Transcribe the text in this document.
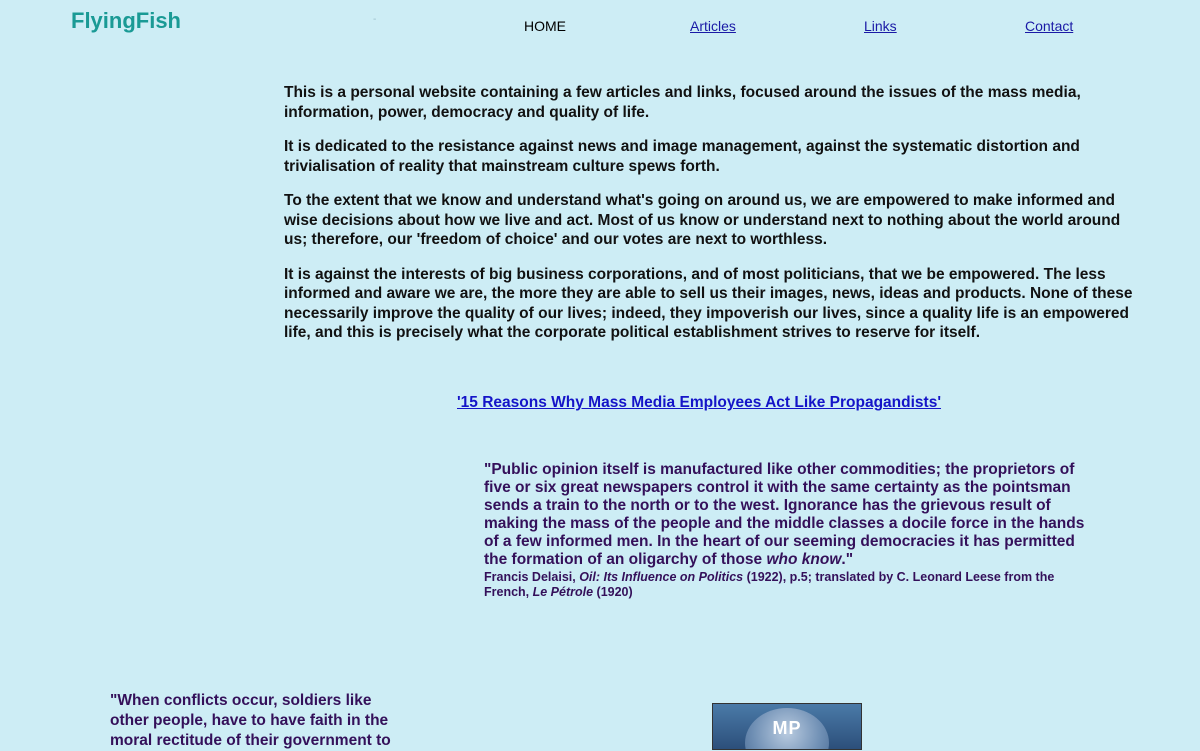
FlyingFish	-	HOME	Articles	Links	Contact

This is a personal website containing a few articles and links, focused around the issues of the mass media, information, power, democracy and quality of life.

It is dedicated to the resistance against news and image management, against the systematic distortion and trivialisation of reality that mainstream culture spews forth.

To the extent that we know and understand what's going on around us, we are empowered to make informed and wise decisions about how we live and act. Most of us know or understand next to nothing about the world around us; therefore, our 'freedom of choice' and our votes are next to worthless.

It is against the interests of big business corporations, and of most politicians, that we be empowered. The less informed and aware we are, the more they are able to sell us their images, news, ideas and products. None of these necessarily improve the quality of our lives; indeed, they impoverish our lives, since a quality life is an empowered life, and this is precisely what the corporate political establishment strives to reserve for itself.

'15 Reasons Why Mass Media Employees Act Like Propagandists'
"Public opinion itself is manufactured like other commodities; the proprietors of five or six great newspapers control it with the same certainty as the pointsman sends a train to the north or to the west. Ignorance has the grievous result of making the mass of the people and the middle classes a docile force in the hands of a few informed men. In the heart of our seeming democracies it has permitted the formation of an oligarchy of those who know."
Francis Delaisi, Oil: Its Influence on Politics (1922), p.5; translated by C. Leonard Leese from the French, Le Pétrole (1920)
"When conflicts occur, soldiers like other people, have to have faith in the moral rectitude of their government to
MP
